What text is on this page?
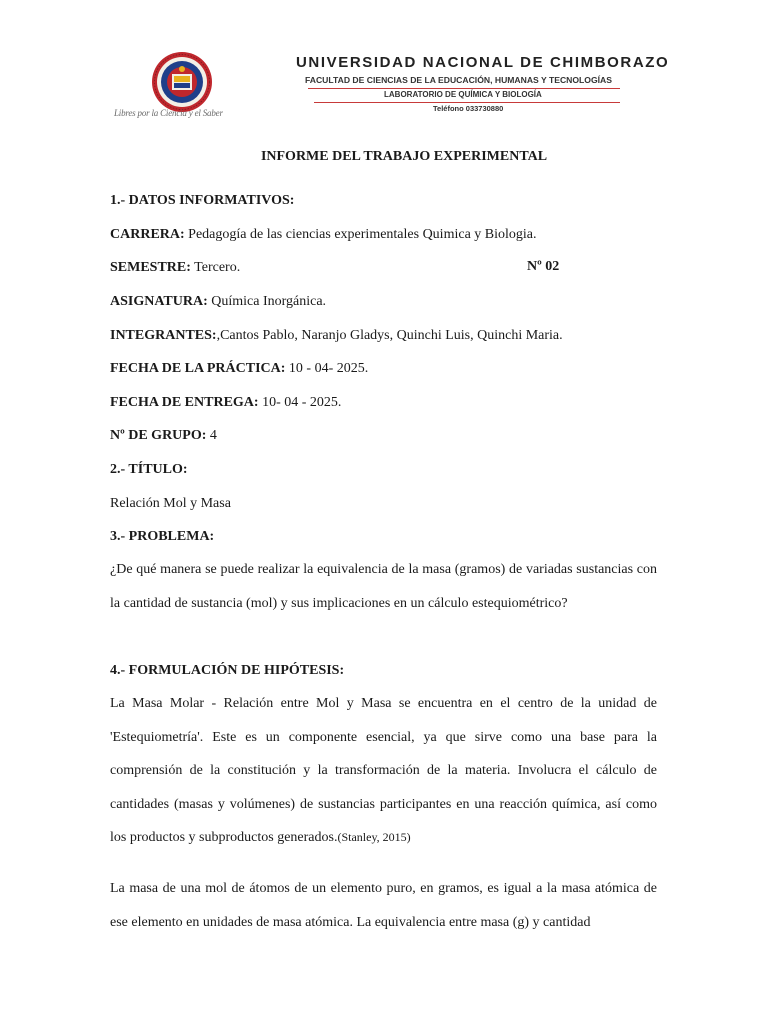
Libres por la Ciencia y el Saber
UNIVERSIDAD NACIONAL DE CHIMBORAZO
FACULTAD DE CIENCIAS DE LA EDUCACIÓN, HUMANAS Y TECNOLOGÍAS
LABORATORIO DE QUÍMICA Y BIOLOGÍA
Teléfono 033730880
INFORME DEL TRABAJO EXPERIMENTAL
1.- DATOS INFORMATIVOS:
CARRERA: Pedagogía de las ciencias experimentales Quimica y Biologia.
SEMESTRE: Tercero.	Nº 02
ASIGNATURA: Química Inorgánica.
INTEGRANTES:,Cantos Pablo, Naranjo Gladys, Quinchi Luis, Quinchi Maria.
FECHA DE LA PRÁCTICA: 10 - 04- 2025.
FECHA DE ENTREGA: 10- 04 - 2025.
Nº DE GRUPO: 4
2.- TÍTULO:
Relación Mol y Masa
3.- PROBLEMA:

¿De qué manera se puede realizar la equivalencia de la masa (gramos) de variadas sustancias con la cantidad de sustancia (mol) y sus implicaciones en un cálculo estequiométrico?

4.- FORMULACIÓN DE HIPÓTESIS:

La Masa Molar - Relación entre Mol y Masa se encuentra en el centro de la unidad de 'Estequiometría'. Este es un componente esencial, ya que sirve como una base para la comprensión de la constitución y la transformación de la materia. Involucra el cálculo de cantidades (masas y volúmenes) de sustancias participantes en una reacción química, así como los productos y subproductos generados.(Stanley, 2015)

La masa de una mol de átomos de un elemento puro, en gramos, es igual a la masa atómica de ese elemento en unidades de masa atómica. La equivalencia entre masa (g) y cantidad
